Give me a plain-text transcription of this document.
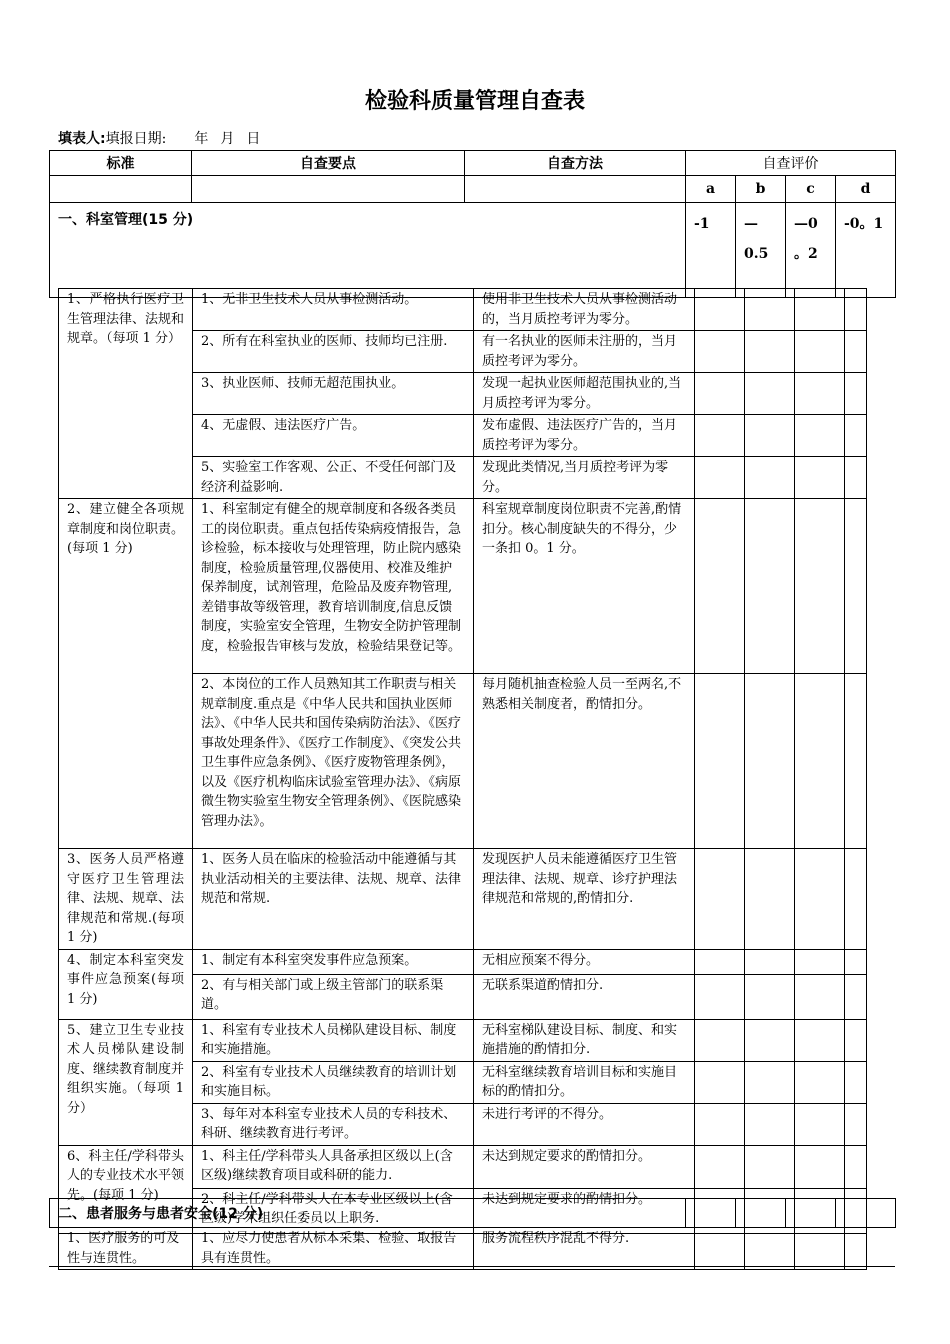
检验科质量管理自查表
填表人:填报日期: 年 月 日
标准	自查要点	自查方法	自查评价			
			a	b	c	d
一、科室管理(15 分)			-1	—0.5	—0 。2	-0。1
1、严格执行医疗卫生管理法律、法规和规章。（每项 1 分）	1、无非卫生技术人员从事检测活动。	使用非卫生技术人员从事检测活动的，当月质控考评为零分。				
	2、所有在科室执业的医师、技师均已注册.	有一名执业的医师未注册的，当月质控考评为零分。				
	3、执业医师、技师无超范围执业。	发现一起执业医师超范围执业的,当月质控考评为零分。				
	4、无虚假、违法医疗广告。	发布虚假、违法医疗广告的，当月质控考评为零分。				
	5、实验室工作客观、公正、不受任何部门及经济利益影响.	发现此类情况,当月质控考评为零分。				
2、建立健全各项规章制度和岗位职责。(每项 1 分)	1、科室制定有健全的规章制度和各级各类员工的岗位职责。重点包括传染病疫情报告，急诊检验，标本接收与处理管理，防止院内感染制度，检验质量管理,仪器使用、校准及维护保养制度，试剂管理，危险品及废弃物管理,差错事故等级管理，教育培训制度,信息反馈制度，实验室安全管理，生物安全防护管理制度，检验报告审核与发放，检验结果登记等。	科室规章制度岗位职责不完善,酌情扣分。核心制度缺失的不得分，少一条扣 0。1 分。				
	2、本岗位的工作人员熟知其工作职责与相关规章制度.重点是《中华人民共和国执业医师法》、《中华人民共和国传染病防治法》、《医疗事故处理条件》、《医疗工作制度》、《突发公共卫生事件应急条例》、《医疗废物管理条例》，以及《医疗机构临床试验室管理办法》、《病原微生物实验室生物安全管理条例》、《医院感染管理办法》。	每月随机抽查检验人员一至两名,不熟悉相关制度者，酌情扣分。				
3、医务人员严格遵守医疗卫生管理法律、法规、规章、法律规范和常规.(每项 1 分)	1、医务人员在临床的检验活动中能遵循与其执业活动相关的主要法律、法规、规章、法律规范和常规.	发现医护人员未能遵循医疗卫生管理法律、法规、规章、诊疗护理法律规范和常规的,酌情扣分.				
4、制定本科室突发事件应急预案(每项 1 分)	1、制定有本科室突发事件应急预案。	无相应预案不得分。				
	2、有与相关部门或上级主管部门的联系渠道。	无联系渠道酌情扣分.				
5、建立卫生专业技术人员梯队建设制度、继续教育制度并组织实施。（每项 1 分）	1、科室有专业技术人员梯队建设目标、制度和实施措施。	无科室梯队建设目标、制度、和实施措施的酌情扣分.				
	2、科室有专业技术人员继续教育的培训计划和实施目标。	无科室继续教育培训目标和实施目标的酌情扣分。				
	3、每年对本科室专业技术人员的专科技术、科研、继续教育进行考评。	未进行考评的不得分。				
6、科主任/学科带头人的专业技术水平领先。(每项 1 分)	1、科主任/学科带头人具备承担区级以上(含区级)继续教育项目或科研的能力.	未达到规定要求的酌情扣分。				
	2、科主任/学科带头人在本专业区级以上(含区级)学术组织任委员以上职务.	未达到规定要求的酌情扣分。				
二、患者服务与患者安全(12 分)				
1、医疗服务的可及性与连贯性。	1、应尽力使患者从标本采集、检验、取报告具有连贯性。	服务流程秩序混乱不得分.				
